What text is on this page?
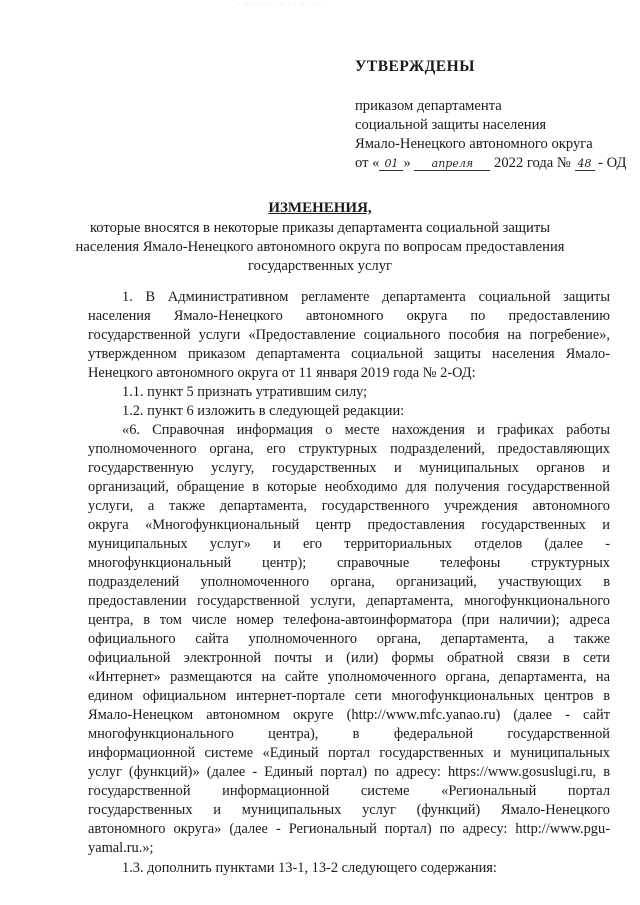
· ·· ·· · ·· · ·· · · ·· · · ·
УТВЕРЖДЕНЫ
приказом департамента
социальной защиты населения
Ямало-Ненецкого автономного округа
от « 01 » апреля 2022 года № 48 - ОД
ИЗМЕНЕНИЯ,
которые вносятся в некоторые приказы департамента социальной защиты
населения Ямало-Ненецкого автономного округа по вопросам предоставления
государственных услуг
1. В Административном регламенте департамента социальной защиты
населения Ямало-Ненецкого автономного округа по предоставлению
государственной услуги «Предоставление социального пособия на погребение»,
утвержденном приказом департамента социальной защиты населения Ямало-
Ненецкого автономного округа от 11 января 2019 года № 2-ОД:
1.1. пункт 5 признать утратившим силу;
1.2. пункт 6 изложить в следующей редакции:
«6. Справочная информация о месте нахождения и графиках работы
уполномоченного органа, его структурных подразделений, предоставляющих
государственную услугу, государственных и муниципальных органов и
организаций, обращение в которые необходимо для получения государственной
услуги, а также департамента, государственного учреждения автономного
округа «Многофункциональный центр предоставления государственных и
муниципальных услуг» и его территориальных отделов (далее -
многофункциональный центр); справочные телефоны структурных
подразделений уполномоченного органа, организаций, участвующих в
предоставлении государственной услуги, департамента, многофункционального
центра, в том числе номер телефона-автоинформатора (при наличии); адреса
официального сайта уполномоченного органа, департамента, а также
официальной электронной почты и (или) формы обратной связи в сети
«Интернет» размещаются на сайте уполномоченного органа, департамента, на
едином официальном интернет-портале сети многофункциональных центров в
Ямало-Ненецком автономном округе (http://www.mfc.yanao.ru) (далее - сайт
многофункционального центра), в федеральной государственной
информационной системе «Единый портал государственных и муниципальных
услуг (функций)» (далее - Единый портал) по адресу: https://www.gosuslugi.ru, в
государственной информационной системе «Региональный портал
государственных и муниципальных услуг (функций) Ямало-Ненецкого
автономного округа» (далее - Региональный портал) по адресу: http://www.pgu-
yamal.ru.»;
1.3. дополнить пунктами 13-1, 13-2 следующего содержания:
